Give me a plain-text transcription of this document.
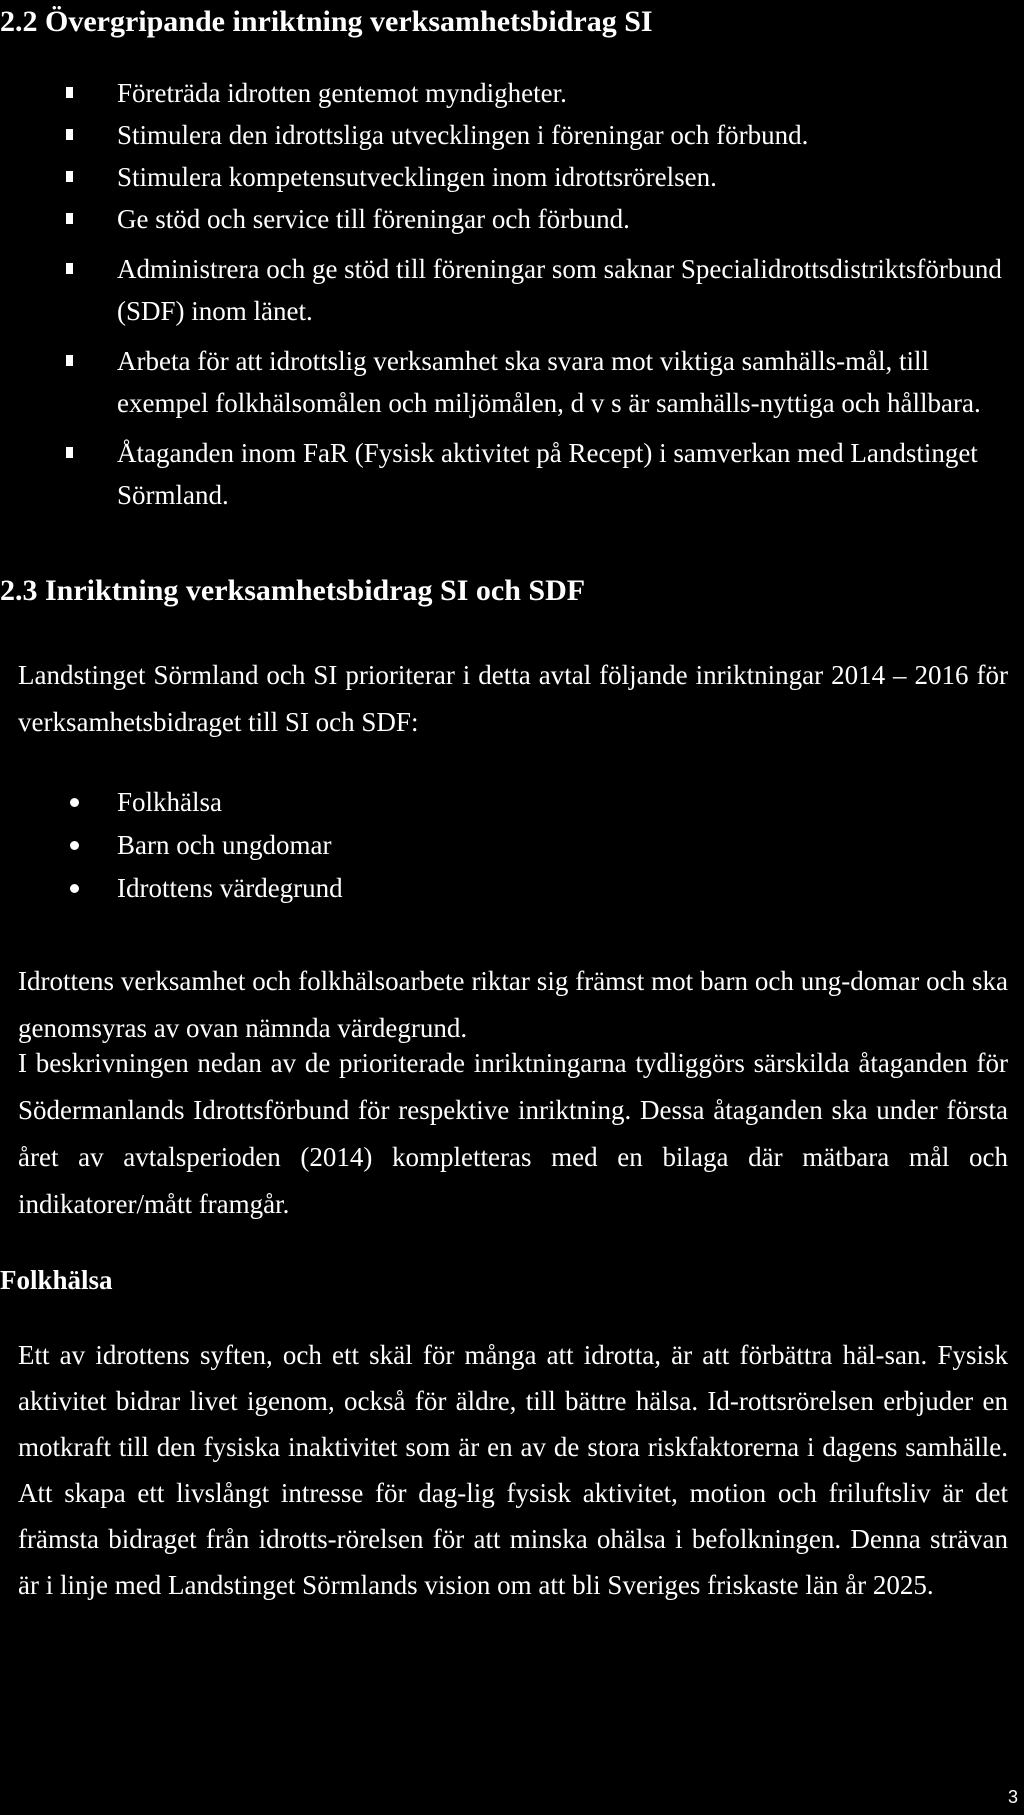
2.2 Övergripande inriktning verksamhetsbidrag SI
Företräda idrotten gentemot myndigheter.
Stimulera den idrottsliga utvecklingen i föreningar och förbund.
Stimulera kompetensutvecklingen inom idrottsrörelsen.
Ge stöd och service till föreningar och förbund.
Administrera och ge stöd till föreningar som saknar Specialidrottsdistriktsförbund (SDF) inom länet.
Arbeta för att idrottslig verksamhet ska svara mot viktiga samhälls-mål, till exempel folkhälsomålen och miljömålen, d v s är samhälls-nyttiga och hållbara.
Åtaganden inom FaR (Fysisk aktivitet på Recept) i samverkan med Landstinget Sörmland.
2.3 Inriktning verksamhetsbidrag SI och SDF

Landstinget Sörmland och SI prioriterar i detta avtal följande inriktningar 2014 – 2016 för verksamhetsbidraget till SI och SDF:

Folkhälsa
Barn och ungdomar
Idrottens värdegrund

Idrottens verksamhet och folkhälsoarbete riktar sig främst mot barn och ung-domar och ska genomsyras av ovan nämnda värdegrund.

I beskrivningen nedan av de prioriterade inriktningarna tydliggörs särskilda åtaganden för Södermanlands Idrottsförbund för respektive inriktning. Dessa åtaganden ska under första året av avtalsperioden (2014) kompletteras med en bilaga där mätbara mål och indikatorer/mått framgår.

Folkhälsa

Ett av idrottens syften, och ett skäl för många att idrotta, är att förbättra häl-san. Fysisk aktivitet bidrar livet igenom, också för äldre, till bättre hälsa. Id-rottsrörelsen erbjuder en motkraft till den fysiska inaktivitet som är en av de stora riskfaktorerna i dagens samhälle. Att skapa ett livslångt intresse för dag-lig fysisk aktivitet, motion och friluftsliv är det främsta bidraget från idrotts-rörelsen för att minska ohälsa i befolkningen. Denna strävan är i linje med Landstinget Sörmlands vision om att bli Sveriges friskaste län år 2025.

3
